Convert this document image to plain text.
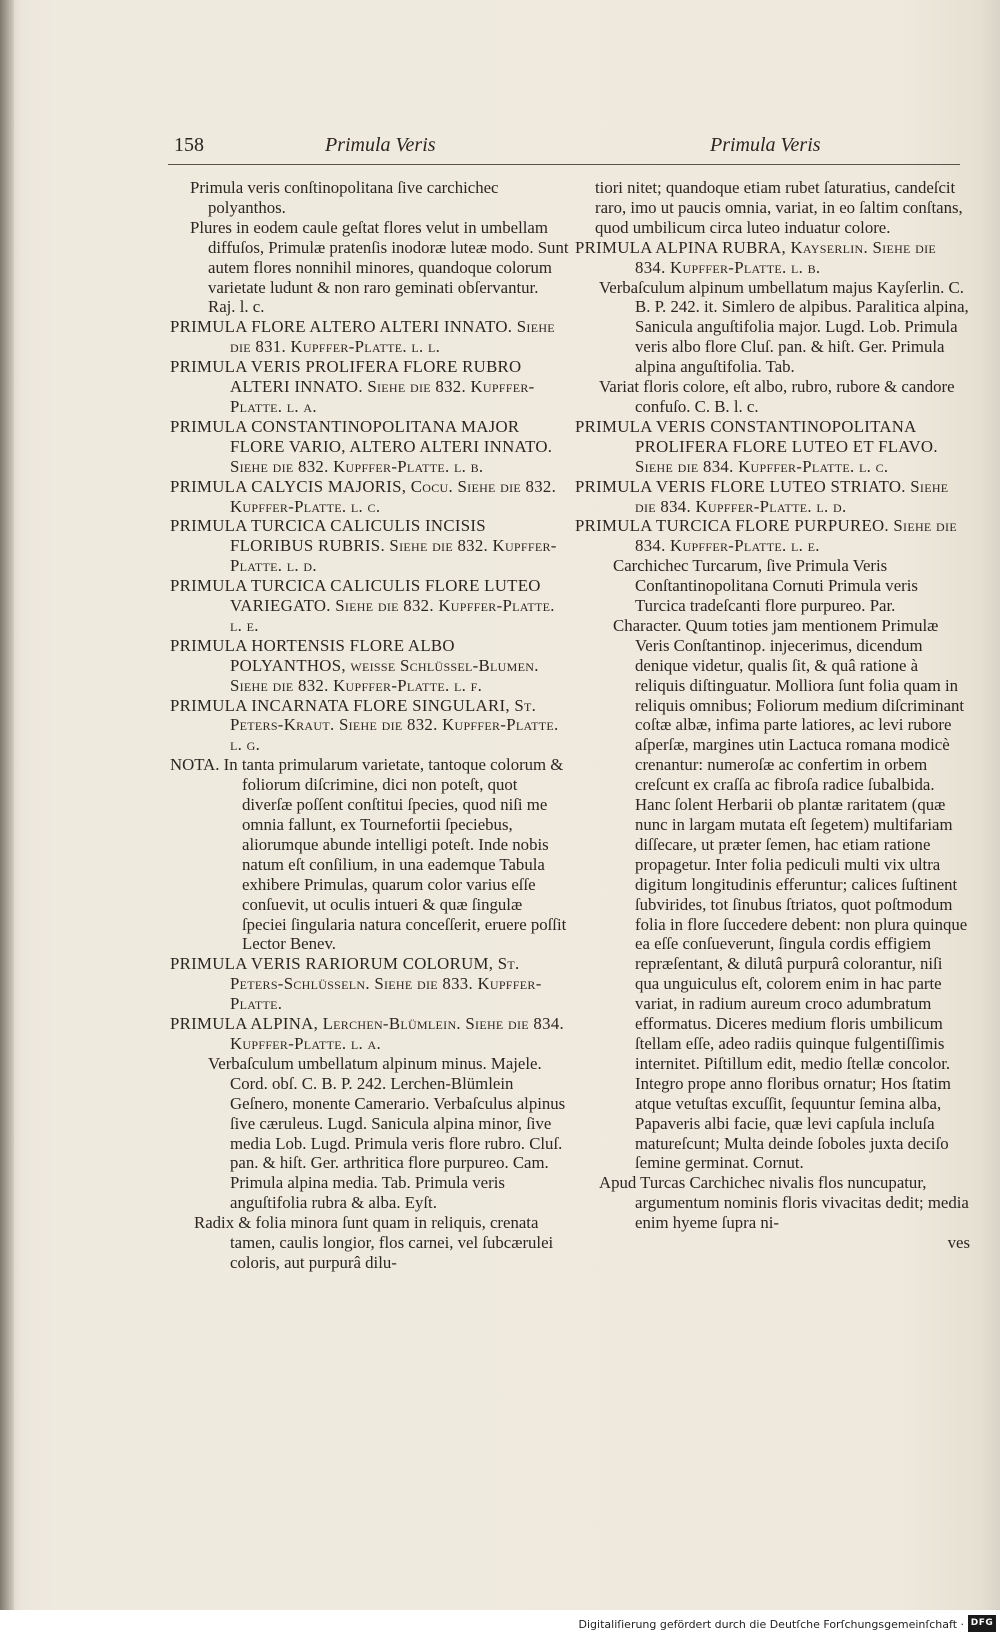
158	Primula Veris	Primula Veris

Primula veris conſtinopolitana ſive carchichec polyanthos.

Plures in eodem caule geſtat flores velut in umbellam diffuſos, Primulæ pratenſis inodoræ luteæ modo. Sunt autem flores nonnihil minores, quandoque colorum varietate ludunt & non raro geminati obſervantur. Raj. l. c.

PRIMULA FLORE ALTERO ALTERI INNATO. Siehe die 831. Kupffer-Platte. l. l.

PRIMULA VERIS PROLIFERA FLORE RUBRO ALTERI INNATO. Siehe die 832. Kupffer-Platte. l. a.

PRIMULA CONSTANTINOPOLITANA MAJOR FLORE VARIO, ALTERO ALTERI INNATO. Siehe die 832. Kupffer-Platte. l. b.

PRIMULA CALYCIS MAJORIS, Cocu. Siehe die 832. Kupffer-Platte. l. c.

PRIMULA TURCICA CALICULIS INCISIS FLORIBUS RUBRIS. Siehe die 832. Kupffer-Platte. l. d.

PRIMULA TURCICA CALICULIS FLORE LUTEO VARIEGATO. Siehe die 832. Kupffer-Platte. l. e.

PRIMULA HORTENSIS FLORE ALBO POLYANTHOS, weiſſe Schlüſſel-Blumen. Siehe die 832. Kupffer-Platte. l. f.

PRIMULA INCARNATA FLORE SINGULARI, St. Peters-Kraut. Siehe die 832. Kupffer-Platte. l. g.

NOTA. In tanta primularum varietate, tantoque colorum & foliorum diſcrimine, dici non poteſt, quot diverſæ poſſent conſtitui ſpecies, quod niſi me omnia fallunt, ex Tournefortii ſpeciebus, aliorumque abunde intelligi poteſt. Inde nobis natum eſt conſilium, in una eademque Tabula exhibere Primulas, quarum color varius eſſe conſuevit, ut oculis intueri & quæ ſingulæ ſpeciei ſingularia natura conceſſerit, eruere poſſit Lector Benev.

PRIMULA VERIS RARIORUM COLORUM, St. Peters-Schlüſſeln. Siehe die 833. Kupffer-Platte.

PRIMULA ALPINA, Lerchen-Blümlein. Siehe die 834. Kupffer-Platte. l. a.

Verbaſculum umbellatum alpinum minus. Majele. Cord. obſ. C. B. P. 242. Lerchen-Blümlein Geſnero, monente Camerario. Verbaſculus alpinus ſive cæruleus. Lugd. Sanicula alpina minor, ſive media Lob. Lugd. Primula veris flore rubro. Cluſ. pan. & hiſt. Ger. arthritica flore purpureo. Cam. Primula alpina media. Tab. Primula veris anguſtifolia rubra & alba. Eyſt.

Radix & folia minora ſunt quam in reliquis, crenata tamen, caulis longior, flos carnei, vel ſubcærulei coloris, aut purpurâ dilu-

tiori nitet; quandoque etiam rubet ſaturatius, candeſcit raro, imo ut paucis omnia, variat, in eo ſaltim conſtans, quod umbilicum circa luteo induatur colore.

PRIMULA ALPINA RUBRA, Kayſerlin. Siehe die 834. Kupffer-Platte. l. b.

Verbaſculum alpinum umbellatum majus Kayſerlin. C. B. P. 242. it. Simlero de alpibus. Paralitica alpina, Sanicula anguſtifolia major. Lugd. Lob. Primula veris albo flore Cluſ. pan. & hiſt. Ger. Primula alpina anguſtifolia. Tab.

Variat floris colore, eſt albo, rubro, rubore & candore confuſo. C. B. l. c.

PRIMULA VERIS CONSTANTINOPOLITANA PROLIFERA FLORE LUTEO ET FLAVO. Siehe die 834. Kupffer-Platte. l. c.

PRIMULA VERIS FLORE LUTEO STRIATO. Siehe die 834. Kupffer-Platte. l. d.

PRIMULA TURCICA FLORE PURPUREO. Siehe die 834. Kupffer-Platte. l. e.

Carchichec Turcarum, ſive Primula Veris Conſtantinopolitana Cornuti Primula veris Turcica tradeſcanti flore purpureo. Par.

Character. Quum toties jam mentionem Primulæ Veris Conſtantinop. injecerimus, dicendum denique videtur, qualis ſit, & quâ ratione à reliquis diſtinguatur. Molliora ſunt folia quam in reliquis omnibus; Foliorum medium diſcriminant coſtæ albæ, infima parte latiores, ac levi rubore aſperſæ, margines utin Lactuca romana modicè crenantur: numeroſæ ac confertim in orbem creſcunt ex craſſa ac fibroſa radice ſubalbida. Hanc ſolent Herbarii ob plantæ raritatem (quæ nunc in largam mutata eſt ſegetem) multifariam diſſecare, ut præter ſemen, hac etiam ratione propagetur. Inter folia pediculi multi vix ultra digitum longitudinis efferuntur; calices ſuſtinent ſubvirides, tot ſinubus ſtriatos, quot poſtmodum folia in flore ſuccedere debent: non plura quinque ea eſſe conſueverunt, ſingula cordis effigiem repræſentant, & dilutâ purpurâ colorantur, niſi qua unguiculus eſt, colorem enim in hac parte variat, in radium aureum croco adumbratum efformatus. Diceres medium floris umbilicum ſtellam eſſe, adeo radiis quinque fulgentiſſimis internitet. Piſtillum edit, medio ſtellæ concolor. Integro prope anno floribus ornatur; Hos ſtatim atque vetuſtas excuſſit, ſequuntur ſemina alba, Papaveris albi facie, quæ levi capſula incluſa matureſcunt; Multa deinde ſoboles juxta deciſo ſemine germinat. Cornut.

Apud Turcas Carchichec nivalis flos nuncupatur, argumentum nominis floris vivacitas dedit; media enim hyeme ſupra ni-

ves

Digitaliſierung gefördert durch die Deutſche Forſchungsgemeinſchaft · DFG
